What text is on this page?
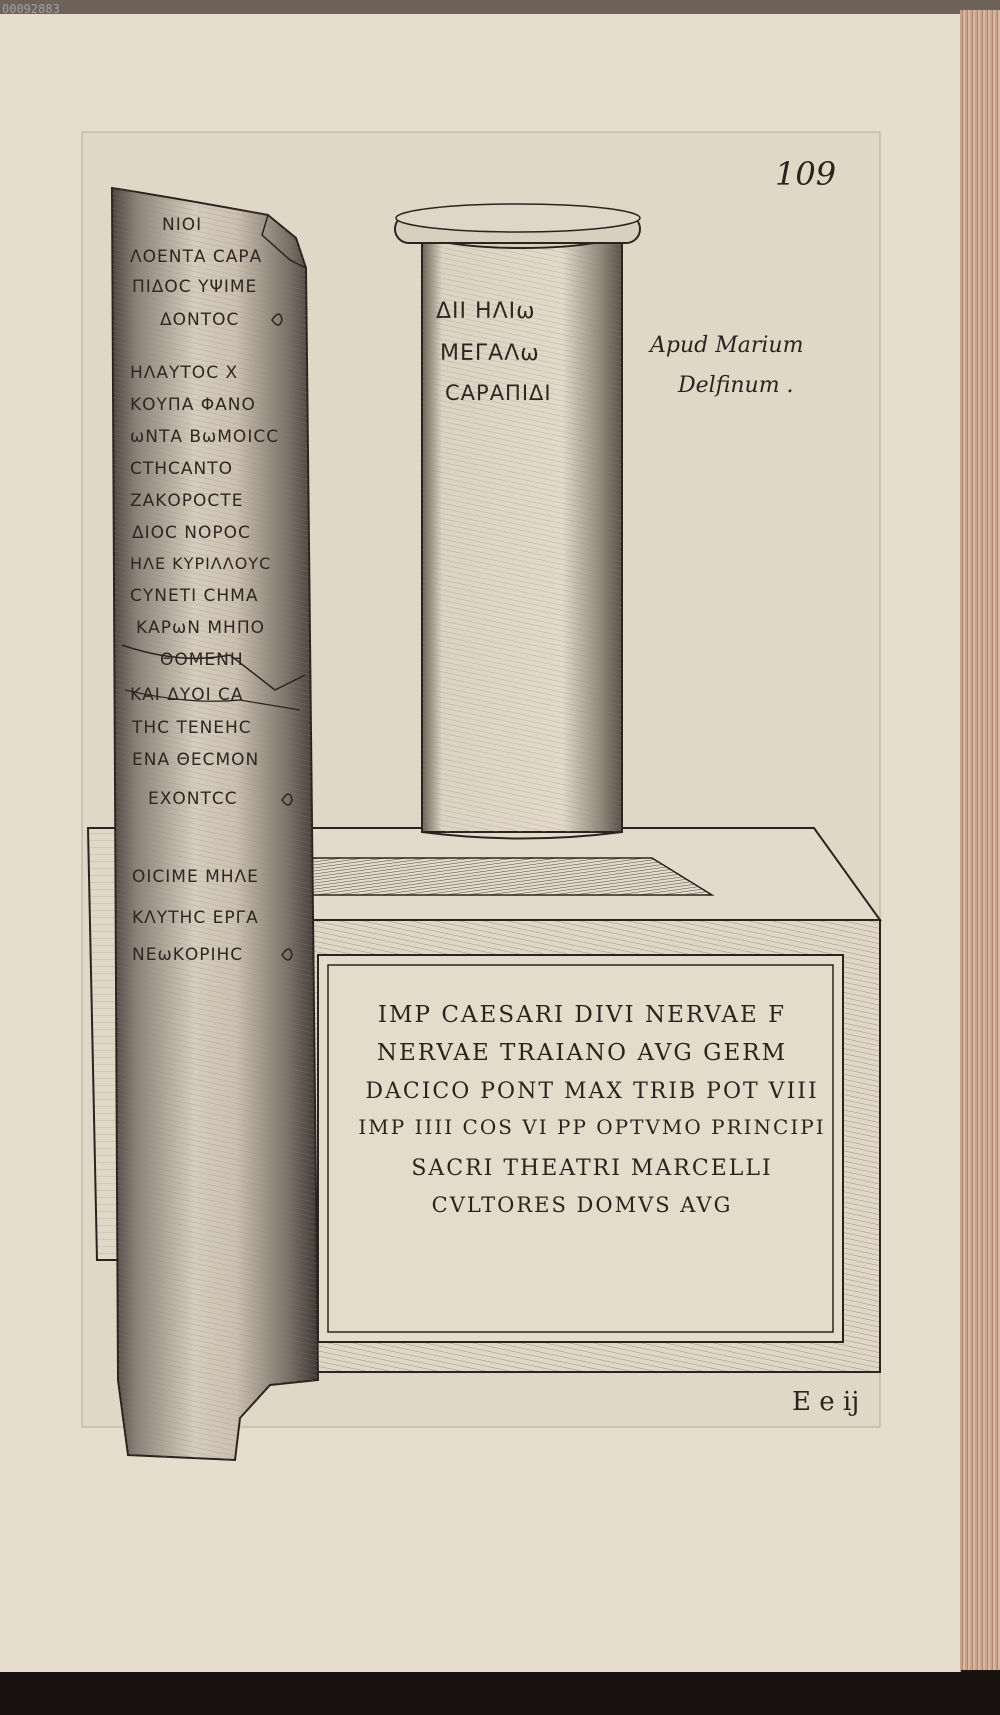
00092883
109
Apud Marium
Delfinum .
IMP CAESARI DIVI NERVAE F
NERVAE TRAIANO AVG GERM
DACICO PONT MAX TRIB POT VIII
IMP IIII COS VI PP OPTVMO PRINCIPI
SACRI THEATRI MARCELLI
CVLTORES DOMVS AVG
ΔΙΙ ΗΛΙω
ΜΕΓΑΛω
CΑΡΑΠΙΔΙ
NIOI
ΛΟΕΝΤΑ CΑΡΑ
ΠΙΔΟC ΥΨΙΜΕ
ΔΟΝΤΟC
ΗΛΑΥΤΟC Χ
ΚΟΥΠΑ ΦΑΝΟ
ωΝΤΑ ΒωΜΟΙCC
CΤΗCΑΝΤΟ
ΖΑΚΟΡΟCΤΕ
ΔΙΟC ΝΟΡΟC
ΗΛΕ ΚΥΡΙΛΛΟΥC
CΥΝΕΤΙ CΗΜΑ
ΚΑΡωΝ ΜΗΠΟ
ΘΟΜΕΝΗ
ΚΑΙ ΔΥΟΙ CΑ
ΤΗC ΤΕΝΕΗC
ΕΝΑ ΘΕCΜΟΝ
ΕΧΟΝΤCC
ΟΙCΙΜΕ ΜΗΛΕ
ΚΛΥΤΗC ΕΡΓΑ
ΝΕωΚΟΡΙΗC
E e ij
